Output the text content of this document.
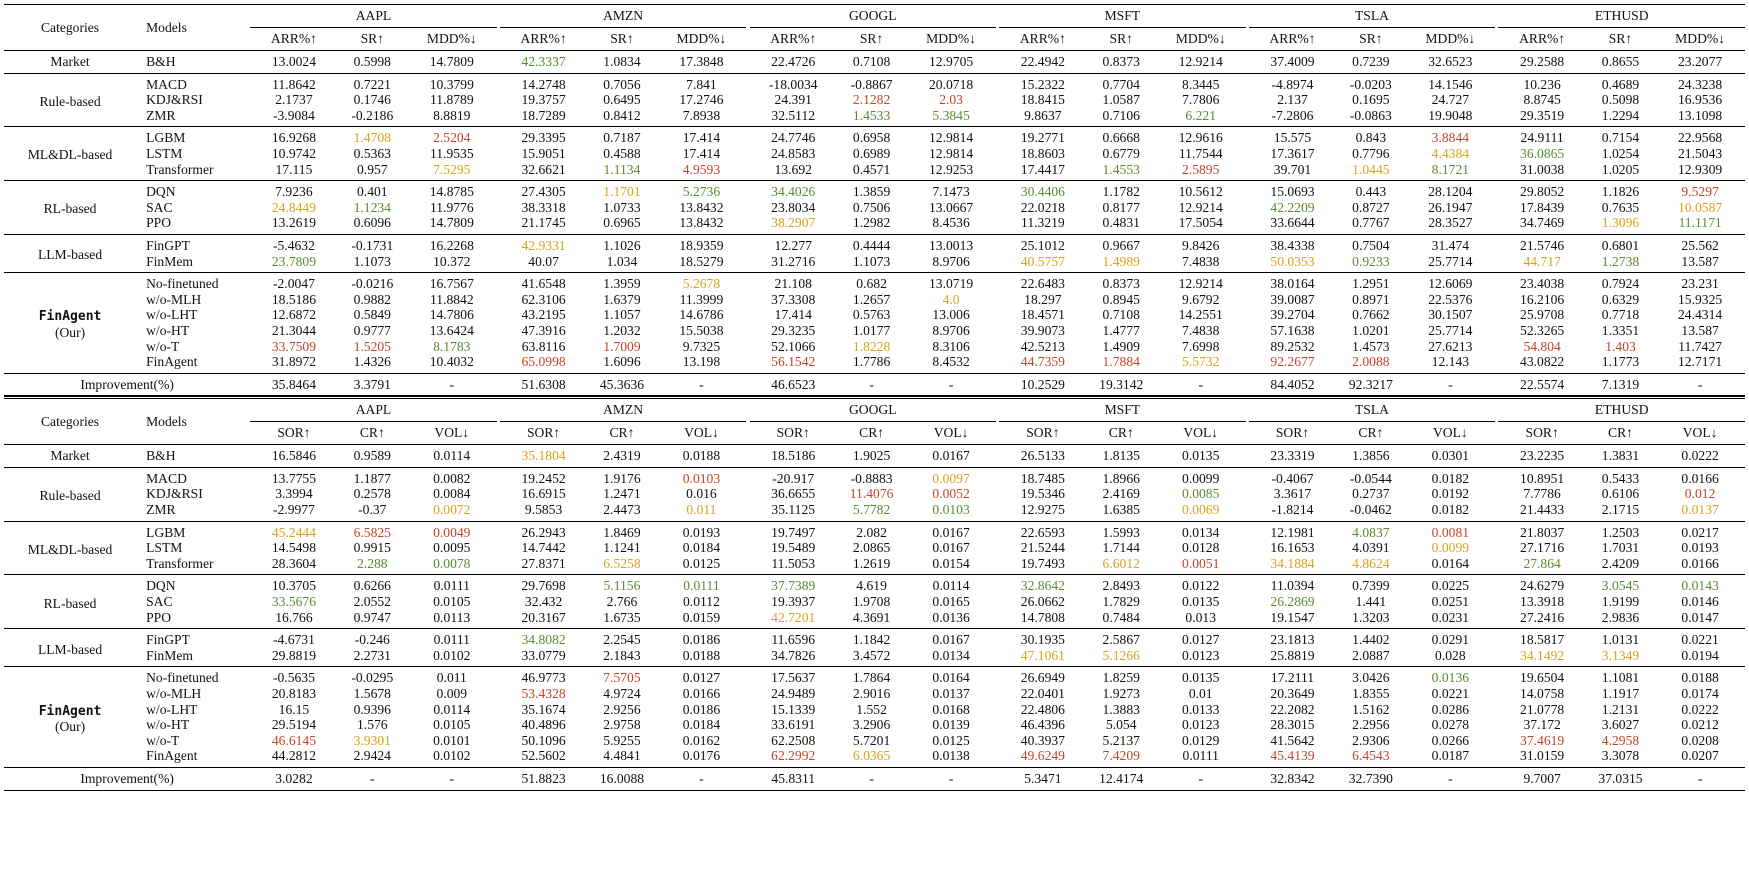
Categories	Models	AAPL				AMZN				GOOGL				MSFT				TSLA				ETHUSD		
		ARR%↑	SR↑	MDD%↓		ARR%↑	SR↑	MDD%↓		ARR%↑	SR↑	MDD%↓		ARR%↑	SR↑	MDD%↓		ARR%↑	SR↑	MDD%↓		ARR%↑	SR↑	MDD%↓
Market	B&H	13.0024	0.5998	14.7809		42.3337	1.0834	17.3848		22.4726	0.7108	12.9705		22.4942	0.8373	12.9214		37.4009	0.7239	32.6523		29.2588	0.8655	23.2077
Rule-based	MACD	11.8642	0.7221	10.3799		14.2748	0.7056	7.841		-18.0034	-0.8867	20.0718		15.2322	0.7704	8.3445		-4.8974	-0.0203	14.1546		10.236	0.4689	24.3238
	KDJ&RSI	2.1737	0.1746	11.8789		19.3757	0.6495	17.2746		24.391	2.1282	2.03		18.8415	1.0587	7.7806		2.137	0.1695	24.727		8.8745	0.5098	16.9536
	ZMR	-3.9084	-0.2186	8.8819		18.7289	0.8412	7.8938		32.5112	1.4533	5.3845		9.8637	0.7106	6.221		-7.2806	-0.0863	19.9048		29.3519	1.2294	13.1098
ML&DL-based	LGBM	16.9268	1.4708	2.5204		29.3395	0.7187	17.414		24.7746	0.6958	12.9814		19.2771	0.6668	12.9616		15.575	0.843	3.8844		24.9111	0.7154	22.9568
	LSTM	10.9742	0.5363	11.9535		15.9051	0.4588	17.414		24.8583	0.6989	12.9814		18.8603	0.6779	11.7544		17.3617	0.7796	4.4384		36.0865	1.0254	21.5043
	Transformer	17.115	0.957	7.5295		32.6621	1.1134	4.9593		13.692	0.4571	12.9253		17.4417	1.4553	2.5895		39.701	1.0445	8.1721		31.0038	1.0205	12.9309
RL-based	DQN	7.9236	0.401	14.8785		27.4305	1.1701	5.2736		34.4026	1.3859	7.1473		30.4406	1.1782	10.5612		15.0693	0.443	28.1204		29.8052	1.1826	9.5297
	SAC	24.8449	1.1234	11.9776		38.3318	1.0733	13.8432		23.8034	0.7506	13.0667		22.0218	0.8177	12.9214		42.2209	0.8727	26.1947		17.8439	0.7635	10.0587
	PPO	13.2619	0.6096	14.7809		21.1745	0.6965	13.8432		38.2907	1.2982	8.4536		11.3219	0.4831	17.5054		33.6644	0.7767	28.3527		34.7469	1.3096	11.1171
LLM-based	FinGPT	-5.4632	-0.1731	16.2268		42.9331	1.1026	18.9359		12.277	0.4444	13.0013		25.1012	0.9667	9.8426		38.4338	0.7504	31.474		21.5746	0.6801	25.562
	FinMem	23.7809	1.1073	10.372		40.07	1.034	18.5279		31.2716	1.1073	8.9706		40.5757	1.4989	7.4838		50.0353	0.9233	25.7714		44.717	1.2738	13.587
FinAgent
(Our)	No-finetuned	-2.0047	-0.0216	16.7567		41.6548	1.3959	5.2678		21.108	0.682	13.0719		22.6483	0.8373	12.9214		38.0164	1.2951	12.6069		23.4038	0.7924	23.231
	w/o-MLH	18.5186	0.9882	11.8842		62.3106	1.6379	11.3999		37.3308	1.2657	4.0		18.297	0.8945	9.6792		39.0087	0.8971	22.5376		16.2106	0.6329	15.9325
	w/o-LHT	12.6872	0.5849	14.7806		43.2195	1.1057	14.6786		17.414	0.5763	13.006		18.4571	0.7108	14.2551		39.2704	0.7662	30.1507		25.9708	0.7718	24.4314
	w/o-HT	21.3044	0.9777	13.6424		47.3916	1.2032	15.5038		29.3235	1.0177	8.9706		39.9073	1.4777	7.4838		57.1638	1.0201	25.7714		52.3265	1.3351	13.587
	w/o-T	33.7509	1.5205	8.1783		63.8116	1.7009	9.7325		52.1066	1.8228	8.3106		42.5213	1.4909	7.6998		89.2532	1.4573	27.6213		54.804	1.403	11.7427
	FinAgent	31.8972	1.4326	10.4032		65.0998	1.6096	13.198		56.1542	1.7786	8.4532		44.7359	1.7884	5.5732		92.2677	2.0088	12.143		43.0822	1.1773	12.7171
Improvement(%)		35.8464	3.3791	-		51.6308	45.3636	-		46.6523	-	-		10.2529	19.3142	-		84.4052	92.3217	-		22.5574	7.1319	-
Categories	Models	AAPL				AMZN				GOOGL				MSFT				TSLA				ETHUSD		
		SOR↑	CR↑	VOL↓		SOR↑	CR↑	VOL↓		SOR↑	CR↑	VOL↓		SOR↑	CR↑	VOL↓		SOR↑	CR↑	VOL↓		SOR↑	CR↑	VOL↓
Market	B&H	16.5846	0.9589	0.0114		35.1804	2.4319	0.0188		18.5186	1.9025	0.0167		26.5133	1.8135	0.0135		23.3319	1.3856	0.0301		23.2235	1.3831	0.0222
Rule-based	MACD	13.7755	1.1877	0.0082		19.2452	1.9176	0.0103		-20.917	-0.8883	0.0097		18.7485	1.8966	0.0099		-0.4067	-0.0544	0.0182		10.8951	0.5433	0.0166
	KDJ&RSI	3.3994	0.2578	0.0084		16.6915	1.2471	0.016		36.6655	11.4076	0.0052		19.5346	2.4169	0.0085		3.3617	0.2737	0.0192		7.7786	0.6106	0.012
	ZMR	-2.9977	-0.37	0.0072		9.5853	2.4473	0.011		35.1125	5.7782	0.0103		12.9275	1.6385	0.0069		-1.8214	-0.0462	0.0182		21.4433	2.1715	0.0137
ML&DL-based	LGBM	45.2444	6.5825	0.0049		26.2943	1.8469	0.0193		19.7497	2.082	0.0167		22.6593	1.5993	0.0134		12.1981	4.0837	0.0081		21.8037	1.2503	0.0217
	LSTM	14.5498	0.9915	0.0095		14.7442	1.1241	0.0184		19.5489	2.0865	0.0167		21.5244	1.7144	0.0128		16.1653	4.0391	0.0099		27.1716	1.7031	0.0193
	Transformer	28.3604	2.288	0.0078		27.8371	6.5258	0.0125		11.5053	1.2619	0.0154		19.7493	6.6012	0.0051		34.1884	4.8624	0.0164		27.864	2.4209	0.0166
RL-based	DQN	10.3705	0.6266	0.0111		29.7698	5.1156	0.0111		37.7389	4.619	0.0114		32.8642	2.8493	0.0122		11.0394	0.7399	0.0225		24.6279	3.0545	0.0143
	SAC	33.5676	2.0552	0.0105		32.432	2.766	0.0112		19.3937	1.9708	0.0165		26.0662	1.7829	0.0135		26.2869	1.441	0.0251		13.3918	1.9199	0.0146
	PPO	16.766	0.9747	0.0113		20.3167	1.6735	0.0159		42.7201	4.3691	0.0136		14.7808	0.7484	0.013		19.1547	1.3203	0.0231		27.2416	2.9836	0.0147
LLM-based	FinGPT	-4.6731	-0.246	0.0111		34.8082	2.2545	0.0186		11.6596	1.1842	0.0167		30.1935	2.5867	0.0127		23.1813	1.4402	0.0291		18.5817	1.0131	0.0221
	FinMem	29.8819	2.2731	0.0102		33.0779	2.1843	0.0188		34.7826	3.4572	0.0134		47.1061	5.1266	0.0123		25.8819	2.0887	0.028		34.1492	3.1349	0.0194
FinAgent
(Our)	No-finetuned	-0.5635	-0.0295	0.011		46.9773	7.5705	0.0127		17.5637	1.7864	0.0164		26.6949	1.8259	0.0135		17.2111	3.0426	0.0136		19.6504	1.1081	0.0188
	w/o-MLH	20.8183	1.5678	0.009		53.4328	4.9724	0.0166		24.9489	2.9016	0.0137		22.0401	1.9273	0.01		20.3649	1.8355	0.0221		14.0758	1.1917	0.0174
	w/o-LHT	16.15	0.9396	0.0114		35.1674	2.9256	0.0186		15.1339	1.552	0.0168		22.4806	1.3883	0.0133		22.2082	1.5162	0.0286		21.0778	1.2131	0.0222
	w/o-HT	29.5194	1.576	0.0105		40.4896	2.9758	0.0184		33.6191	3.2906	0.0139		46.4396	5.054	0.0123		28.3015	2.2956	0.0278		37.172	3.6027	0.0212
	w/o-T	46.6145	3.9301	0.0101		50.1096	5.9255	0.0162		62.2508	5.7201	0.0125		40.3937	5.2137	0.0129		41.5642	2.9306	0.0266		37.4619	4.2958	0.0208
	FinAgent	44.2812	2.9424	0.0102		52.5602	4.4841	0.0176		62.2992	6.0365	0.0138		49.6249	7.4209	0.0111		45.4139	6.4543	0.0187		31.0159	3.3078	0.0207
Improvement(%)		3.0282	-	-		51.8823	16.0088	-		45.8311	-	-		5.3471	12.4174	-		32.8342	32.7390	-		9.7007	37.0315	-
